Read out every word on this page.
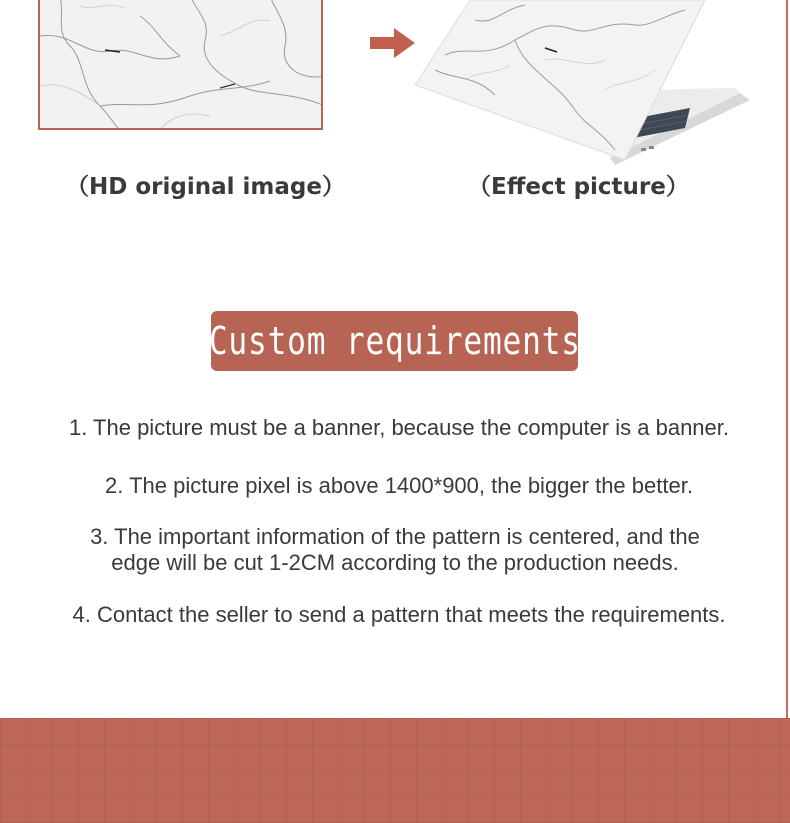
（HD original image）	（Effect picture）
Custom requirements
1. The picture must be a banner, because the computer is a banner.
2. The picture pixel is above 1400*900, the bigger the better.
3. The important information of the pattern is centered, and the
edge will be cut 1-2CM according to the production needs.
4. Contact the seller to send a pattern that meets the requirements.
